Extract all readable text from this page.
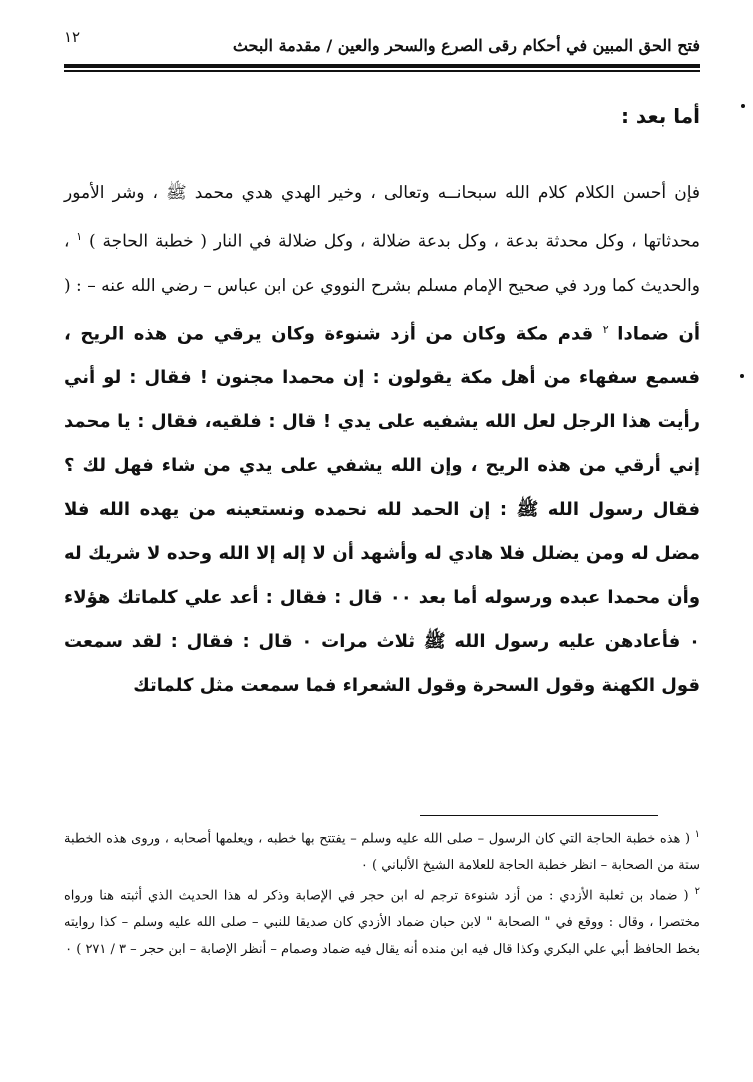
١٢	فتح الحق المبين في أحكام رقى الصرع والسحر والعين / مقدمة البحث
أما بعد :

فإن أحسن الكلام كلام الله سبحانــه وتعالى ، وخير الهدي هدي محمد ﷺ ، وشر الأمور محدثاتها ، وكل محدثة بدعة ، وكل بدعة ضلالة ، وكل ضلالة في النار ( خطبة الحاجة ) $^١$ ، والحديث كما ورد في صحيح الإمام مسلم بشرح النووي عن ابن عباس – رضي الله عنه – : ( أن ضمادا $^٢$ قدم مكة وكان من أزد شنوءة وكان يرقي من هذه الريح ، فسمع سفهاء من أهل مكة يقولون : إن محمدا مجنون ! فقال : لو أني رأيت هذا الرجل لعل الله يشفيه على يدي ! قال : فلقيه، فقال : يا محمد إني أرقي من هذه الريح ، وإن الله يشفي على يدي من شاء فهل لك ؟ فقال رسول الله ﷺ : إن الحمد لله نحمده ونستعينه من يهده الله فلا مضل له ومن يضلل فلا هادي له وأشهد أن لا إله إلا الله وحده لا شريك له وأن محمدا عبده ورسوله أما بعد ٠٠ قال : فقال : أعد علي كلماتك هؤلاء ٠ فأعادهن عليه رسول الله ﷺ ثلاث مرات ٠ قال : فقال : لقد سمعت قول الكهنة وقول السحرة وقول الشعراء فما سمعت مثل كلماتك

$^١$ ( هذه خطبة الحاجة التي كان الرسول – صلى الله عليه وسلم – يفتتح بها خطبه ، ويعلمها أصحابه ، وروى هذه الخطبة ستة من الصحابة – انظر خطبة الحاجة للعلامة الشيخ الألباني ) ٠

$^٢$ ( ضماد بن ثعلبة الأزدي : من أزد شنوءة ترجم له ابن حجر في الإصابة وذكر له هذا الحديث الذي أثبته هنا ورواه مختصرا ، وقال : ووقع في " الصحابة " لابن حبان ضماد الأزدي كان صديقا للنبي – صلى الله عليه وسلم – كذا روايته بخط الحافظ أبي علي البكري وكذا قال فيه ابن منده أنه يقال فيه ضماد وصمام – أنظر الإصابة – ابن حجر – ٣ / ٢٧١ ) ٠
